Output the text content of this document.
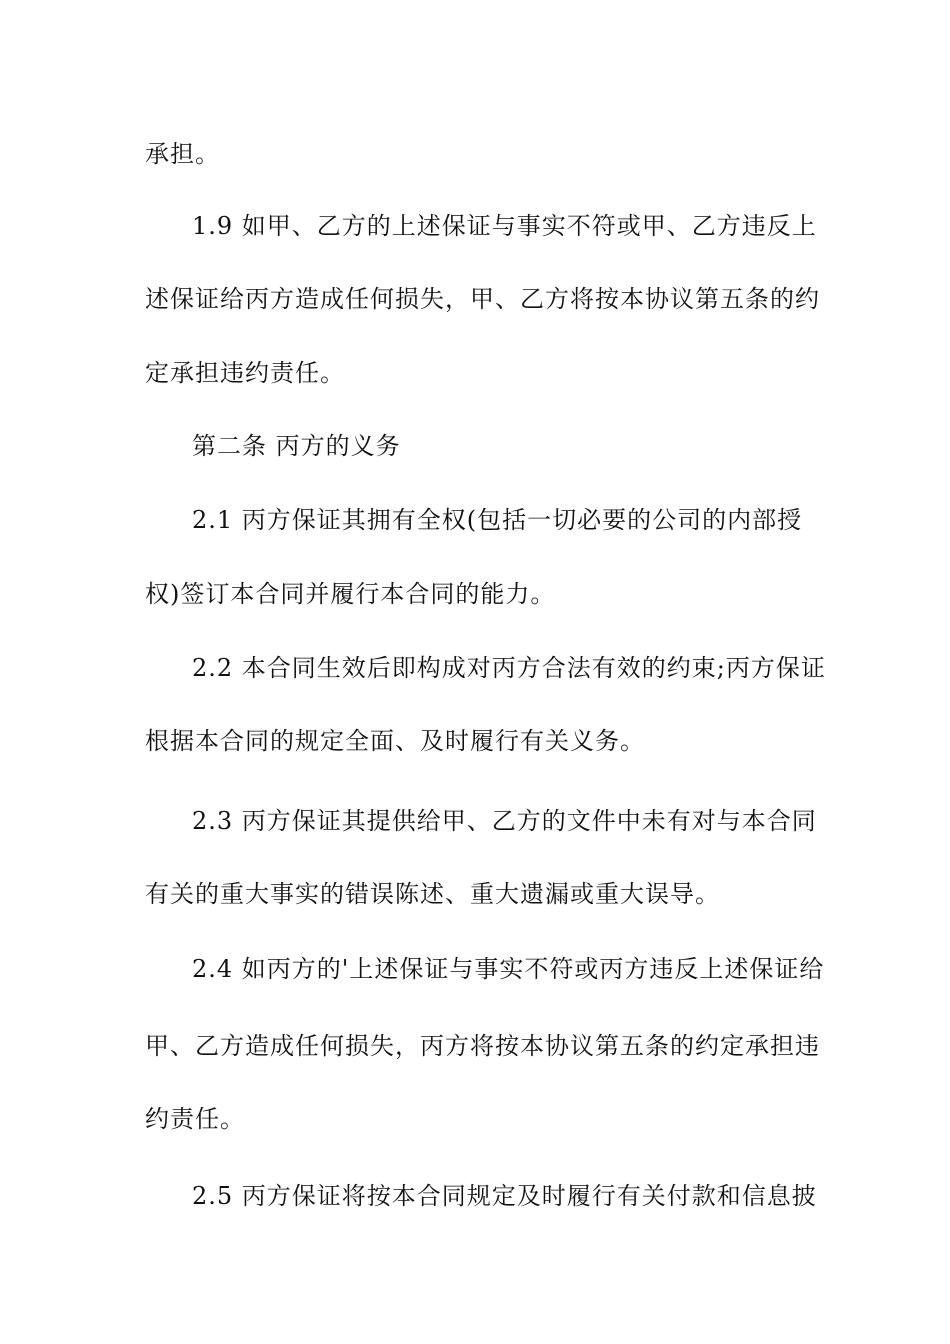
承担。
1.9 如甲、乙方的上述保证与事实不符或甲、乙方违反上
述保证给丙方造成任何损失，甲、乙方将按本协议第五条的约
定承担违约责任。
第二条 丙方的义务
2.1 丙方保证其拥有全权(包括一切必要的公司的内部授
权)签订本合同并履行本合同的能力。
2.2 本合同生效后即构成对丙方合法有效的约束;丙方保证
根据本合同的规定全面、及时履行有关义务。
2.3 丙方保证其提供给甲、乙方的文件中未有对与本合同
有关的重大事实的错误陈述、重大遗漏或重大误导。
2.4 如丙方的'上述保证与事实不符或丙方违反上述保证给
甲、乙方造成任何损失，丙方将按本协议第五条的约定承担违
约责任。
2.5 丙方保证将按本合同规定及时履行有关付款和信息披
